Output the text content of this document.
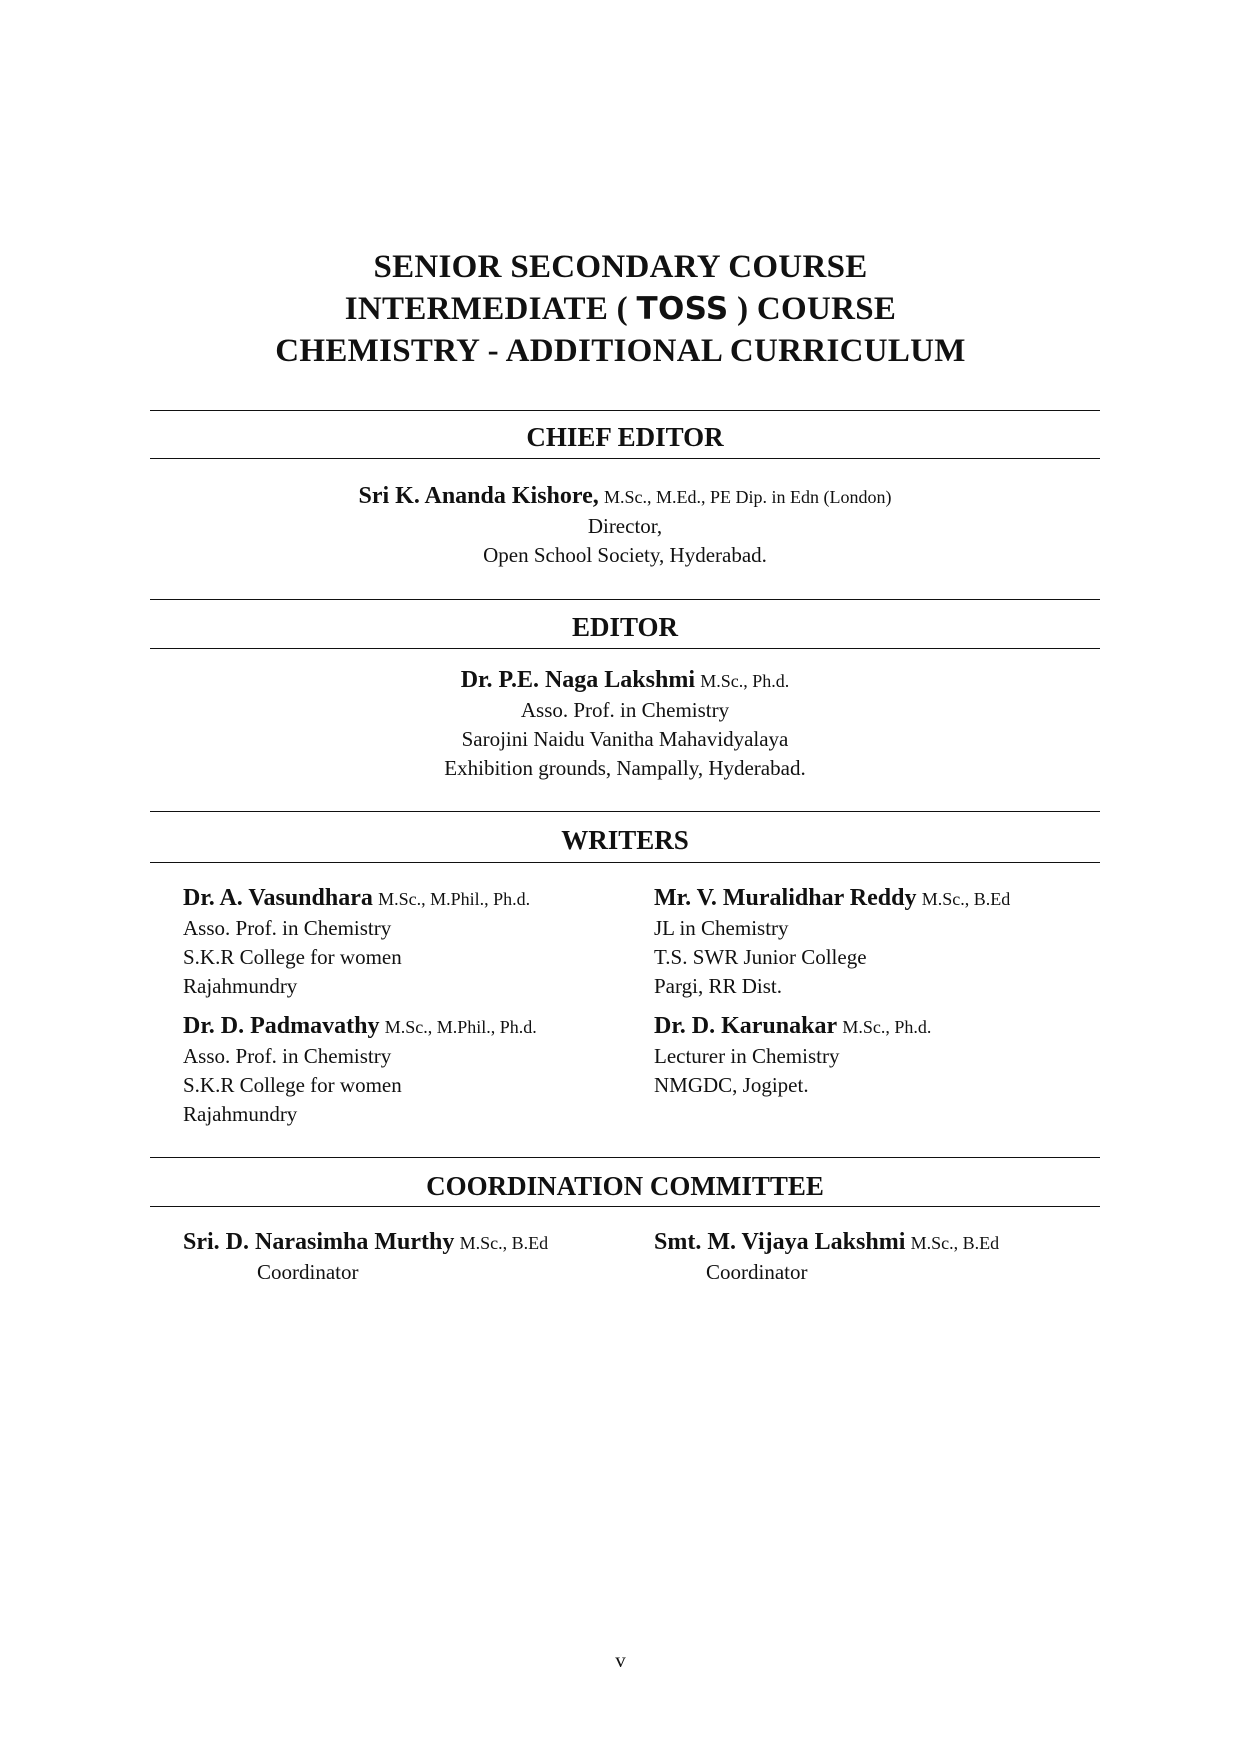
SENIOR SECONDARY COURSE
INTERMEDIATE ( TOSS ) COURSE
CHEMISTRY - ADDITIONAL CURRICULUM
CHIEF EDITOR
Sri K. Ananda Kishore, M.Sc., M.Ed., PE Dip. in Edn (London)
Director,
Open School Society, Hyderabad.
EDITOR
Dr. P.E. Naga Lakshmi M.Sc., Ph.d.
Asso. Prof. in Chemistry
Sarojini Naidu Vanitha Mahavidyalaya
Exhibition grounds, Nampally, Hyderabad.
WRITERS
Dr. A. Vasundhara M.Sc., M.Phil., Ph.d.
Asso. Prof. in Chemistry
S.K.R College for women
Rajahmundry
Dr. D. Padmavathy M.Sc., M.Phil., Ph.d.
Asso. Prof. in Chemistry
S.K.R College for women
Rajahmundry
Mr. V. Muralidhar Reddy M.Sc., B.Ed
JL in Chemistry
T.S. SWR Junior College
Pargi, RR Dist.
Dr. D. Karunakar M.Sc., Ph.d.
Lecturer in Chemistry
NMGDC, Jogipet.
COORDINATION COMMITTEE
Sri. D. Narasimha Murthy M.Sc., B.Ed
Coordinator
Smt. M. Vijaya Lakshmi M.Sc., B.Ed
Coordinator
v
